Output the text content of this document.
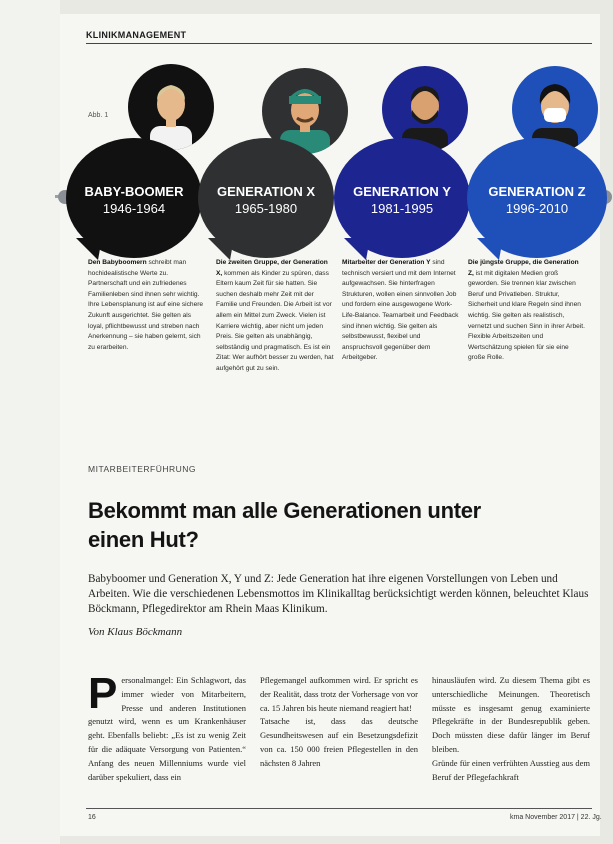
KLINIKMANAGEMENT
Abb. 1
BABY-BOOMER
1946-1964
GENERATION X
1965-1980
GENERATION Y
1981-1995
GENERATION Z
1996-2010
Den Babyboomern schreibt man hochidealistische Werte zu. Partnerschaft und ein zufriedenes Familienleben sind ihnen sehr wichtig. Ihre Lebensplanung ist auf eine sichere Zukunft ausgerichtet. Sie gelten als loyal, pflichtbewusst und streben nach Anerkennung – sie haben gelernt, sich zu erarbeiten.
Die zweiten Gruppe, der Generation X, kommen als Kinder zu spüren, dass Eltern kaum Zeit für sie hatten. Sie suchen deshalb mehr Zeit mit der Familie und Freunden. Die Arbeit ist vor allem ein Mittel zum Zweck. Vielen ist Karriere wichtig, aber nicht um jeden Preis. Sie gelten als unabhängig, selbständig und pragmatisch. Es ist ein Zitat: Wer aufhört besser zu werden, hat aufgehört gut zu sein.
Mitarbeiter der Generation Y sind technisch versiert und mit dem Internet aufgewachsen. Sie hinterfragen Strukturen, wollen einen sinnvollen Job und fordern eine ausgewogene Work-Life-Balance. Teamarbeit und Feedback sind ihnen wichtig. Sie gelten als selbstbewusst, flexibel und anspruchsvoll gegenüber dem Arbeitgeber.
Die jüngste Gruppe, die Generation Z, ist mit digitalen Medien groß geworden. Sie trennen klar zwischen Beruf und Privatleben. Struktur, Sicherheit und klare Regeln sind ihnen wichtig. Sie gelten als realistisch, vernetzt und suchen Sinn in ihrer Arbeit. Flexible Arbeitszeiten und Wertschätzung spielen für sie eine große Rolle.
MITARBEITERFÜHRUNG
Bekommt man alle Generationen unter einen Hut?
Babyboomer und Generation X, Y und Z: Jede Generation hat ihre eigenen Vorstellungen von Leben und Arbeiten. Wie die verschiedenen Lebensmottos im Klinikalltag berücksichtigt werden können, beleuchtet Klaus Böckmann, Pflegedirektor am Rhein Maas Klinikum.
Von Klaus Böckmann
Personalmangel: Ein Schlagwort, das immer wieder von Mitarbeitern, Presse und anderen Institutionen genutzt wird, wenn es um Krankenhäuser geht. Ebenfalls beliebt: „Es ist zu wenig Zeit für die adäquate Versorgung von Patienten.“ Anfang des neuen Millenniums wurde viel darüber spekuliert, dass ein
Pflegemangel aufkommen wird. Er spricht es der Realität, dass trotz der Vorhersage von vor ca. 15 Jahren bis heute niemand reagiert hat!
Tatsache ist, dass das deutsche Gesundheitswesen auf ein Besetzungsdefizit von ca. 150 000 freien Pflegestellen in den nächsten 8 Jahren
hinausläufen wird. Zu diesem Thema gibt es unterschiedliche Meinungen. Theoretisch müsste es insgesamt genug examinierte Pflegekräfte in der Bundesrepublik geben. Doch müssten diese dafür länger im Beruf bleiben.
Gründe für einen verfrühten Ausstieg aus dem Beruf der Pflegefachkraft
16	kma November 2017 | 22. Jg.
